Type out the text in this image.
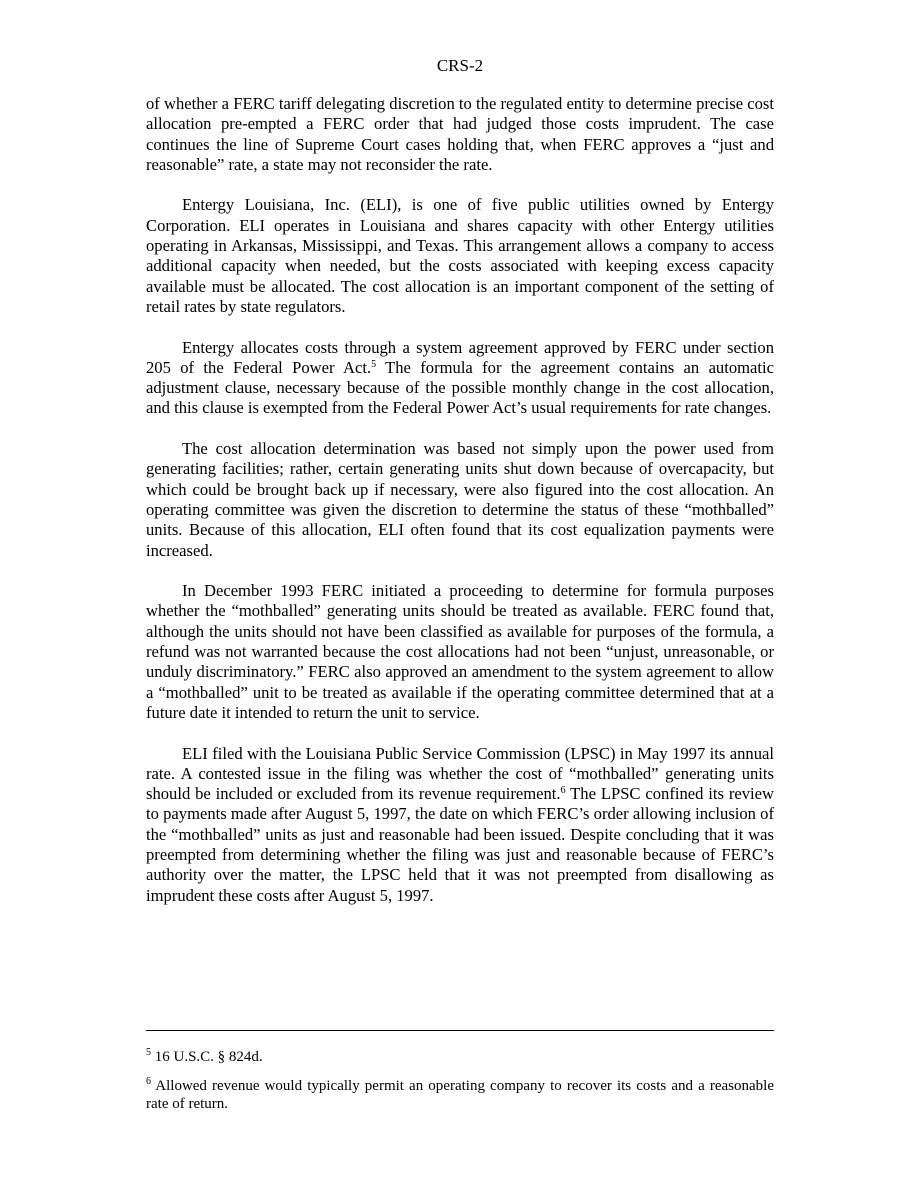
CRS-2

of whether a FERC tariff delegating discretion to the regulated entity to determine precise cost allocation pre-empted a FERC order that had judged those costs imprudent. The case continues the line of Supreme Court cases holding that, when FERC approves a “just and reasonable” rate, a state may not reconsider the rate.

Entergy Louisiana, Inc. (ELI), is one of five public utilities owned by Entergy Corporation. ELI operates in Louisiana and shares capacity with other Entergy utilities operating in Arkansas, Mississippi, and Texas. This arrangement allows a company to access additional capacity when needed, but the costs associated with keeping excess capacity available must be allocated. The cost allocation is an important component of the setting of retail rates by state regulators.

Entergy allocates costs through a system agreement approved by FERC under section 205 of the Federal Power Act.$^5$ The formula for the agreement contains an automatic adjustment clause, necessary because of the possible monthly change in the cost allocation, and this clause is exempted from the Federal Power Act’s usual requirements for rate changes.

The cost allocation determination was based not simply upon the power used from generating facilities; rather, certain generating units shut down because of overcapacity, but which could be brought back up if necessary, were also figured into the cost allocation. An operating committee was given the discretion to determine the status of these “mothballed” units. Because of this allocation, ELI often found that its cost equalization payments were increased.

In December 1993 FERC initiated a proceeding to determine for formula purposes whether the “mothballed” generating units should be treated as available. FERC found that, although the units should not have been classified as available for purposes of the formula, a refund was not warranted because the cost allocations had not been “unjust, unreasonable, or unduly discriminatory.” FERC also approved an amendment to the system agreement to allow a “mothballed” unit to be treated as available if the operating committee determined that at a future date it intended to return the unit to service.

ELI filed with the Louisiana Public Service Commission (LPSC) in May 1997 its annual rate. A contested issue in the filing was whether the cost of “mothballed” generating units should be included or excluded from its revenue requirement.$^6$ The LPSC confined its review to payments made after August 5, 1997, the date on which FERC’s order allowing inclusion of the “mothballed” units as just and reasonable had been issued. Despite concluding that it was preempted from determining whether the filing was just and reasonable because of FERC’s authority over the matter, the LPSC held that it was not preempted from disallowing as imprudent these costs after August 5, 1997.

$^5$ 16 U.S.C. § 824d.

$^6$ Allowed revenue would typically permit an operating company to recover its costs and a reasonable rate of return.
